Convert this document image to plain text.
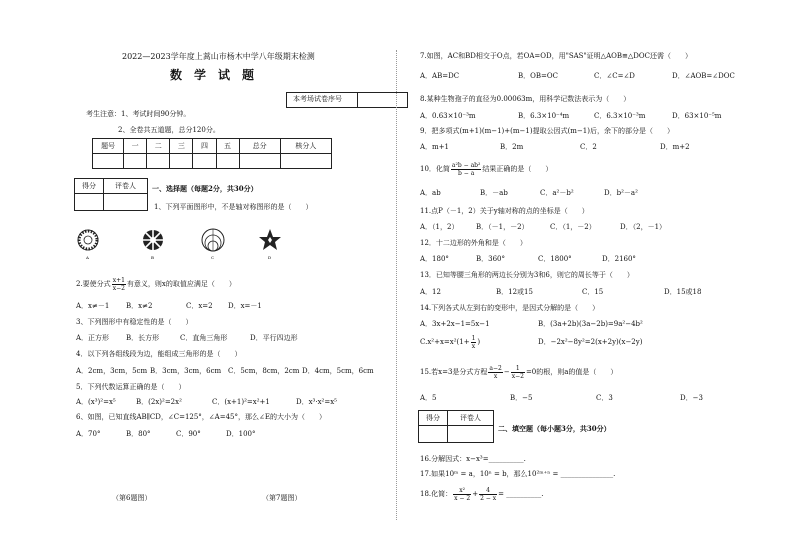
2022—2023学年度上蒿山市杨木中学八年级期末检测
数　学　试　题
本考场试卷序号
考生注意：1、考试时间90分钟。
2、全卷共五道题，总分120分。
题号	一	二	三	四	五	总分	核分人

得分	评卷人
	一、选择题（每题2分，共30分）
1、下列平面图形中，不是轴对称图形的是（　　）
A	B	C	D
2.要使分式 $\frac{x+1}{x-2}$ 有意义，则x的取值应满足（　　）
A．x≠－1 B．x≠2	C．x=2 D．x=－1
3、下列图形中有稳定性的是（　　）
A．正方形 B．长方形	C．直角三角形	D．平行四边形
4．以下列各组线段为边，能组成三角形的是（　　）
A．2cm，3cm，5cm B．3cm，3cm，6cm C．5cm，8cm，2cm D．4cm，5cm，6cm
5．下列代数运算正确的是（　　）
A．(x³)²=x⁵	B．(2x)²=2x²	C．(x+1)²=x²+1	D．x³·x²=x⁵
6、如图，已知直线AB∥CD，∠C=125°，∠A=45°，那么∠E的大小为（　　）
A．70°	B．80°	C．90°	D．100°
（第6题图）	（第7题图）
7.如图，AC和BD相交于O点，若OA=OD，用"SAS"证明△AOB≌△DOC还需（　　）
A．AB=DC	B．OB=OC	C．∠C=∠D	D．∠AOB=∠DOC
8.某种生物孢子的直径为0.00063m，用科学记数法表示为（　　）
A．0.63×10⁻³m	B．6.3×10⁻⁴m	C．6.3×10⁻³m	D．63×10⁻⁵m
9．把多项式(m+1)(m−1)+(m−1)提取公因式(m−1)后，余下的部分是（　　）
A．m+1	B．2m	C．2	D．m+2
10．化简 $\frac{\text{a²b − ab²}}{b - a}$ 结果正确的是（　　）
A．ab	B．－ab	C．a²－b²	D．b²－a²
11.点P（－1，2）关于y轴对称的点的坐标是（　　）
A．（1，2）	B．（－1，－2）	C．（1，－2）	D．（2，－1）
12．十二边形的外角和是（　　）
A．180°	B．360°	C．1800°	D．2160°
13．已知等腰三角形的两边长分别为3和6，则它的周长等于（　　）
A．12	B．12或15	C．15	D．15或18
14.下列各式从左到右的变形中，是因式分解的是（　　）
A．3x+2x−1=5x−1	B．(3a+2b)(3a−2b)=9a²−4b²
$C.x^2+x=x^2(1+ \frac{1}{x}$ )	D．−2x²−8y²=2(x+2y)(x−2y)
15.若x=3是分式方程 $\frac{a-2}{x} - \frac{1}{x-2} =0$的根，则a的值是（　　）
A．5	B．−5	C．3	D．−3
得分	评卷人

二、填空题（每小题3分，共30分）
16.分解因式：x−x³=__________.
17.如果10ᵐ = a，10ⁿ = b，那么10²ᵐ⁺ⁿ = _______________.
18.化简： $\frac{\text{x²}}{x - 2} + \frac{4}{2 - x}$ = __________.
